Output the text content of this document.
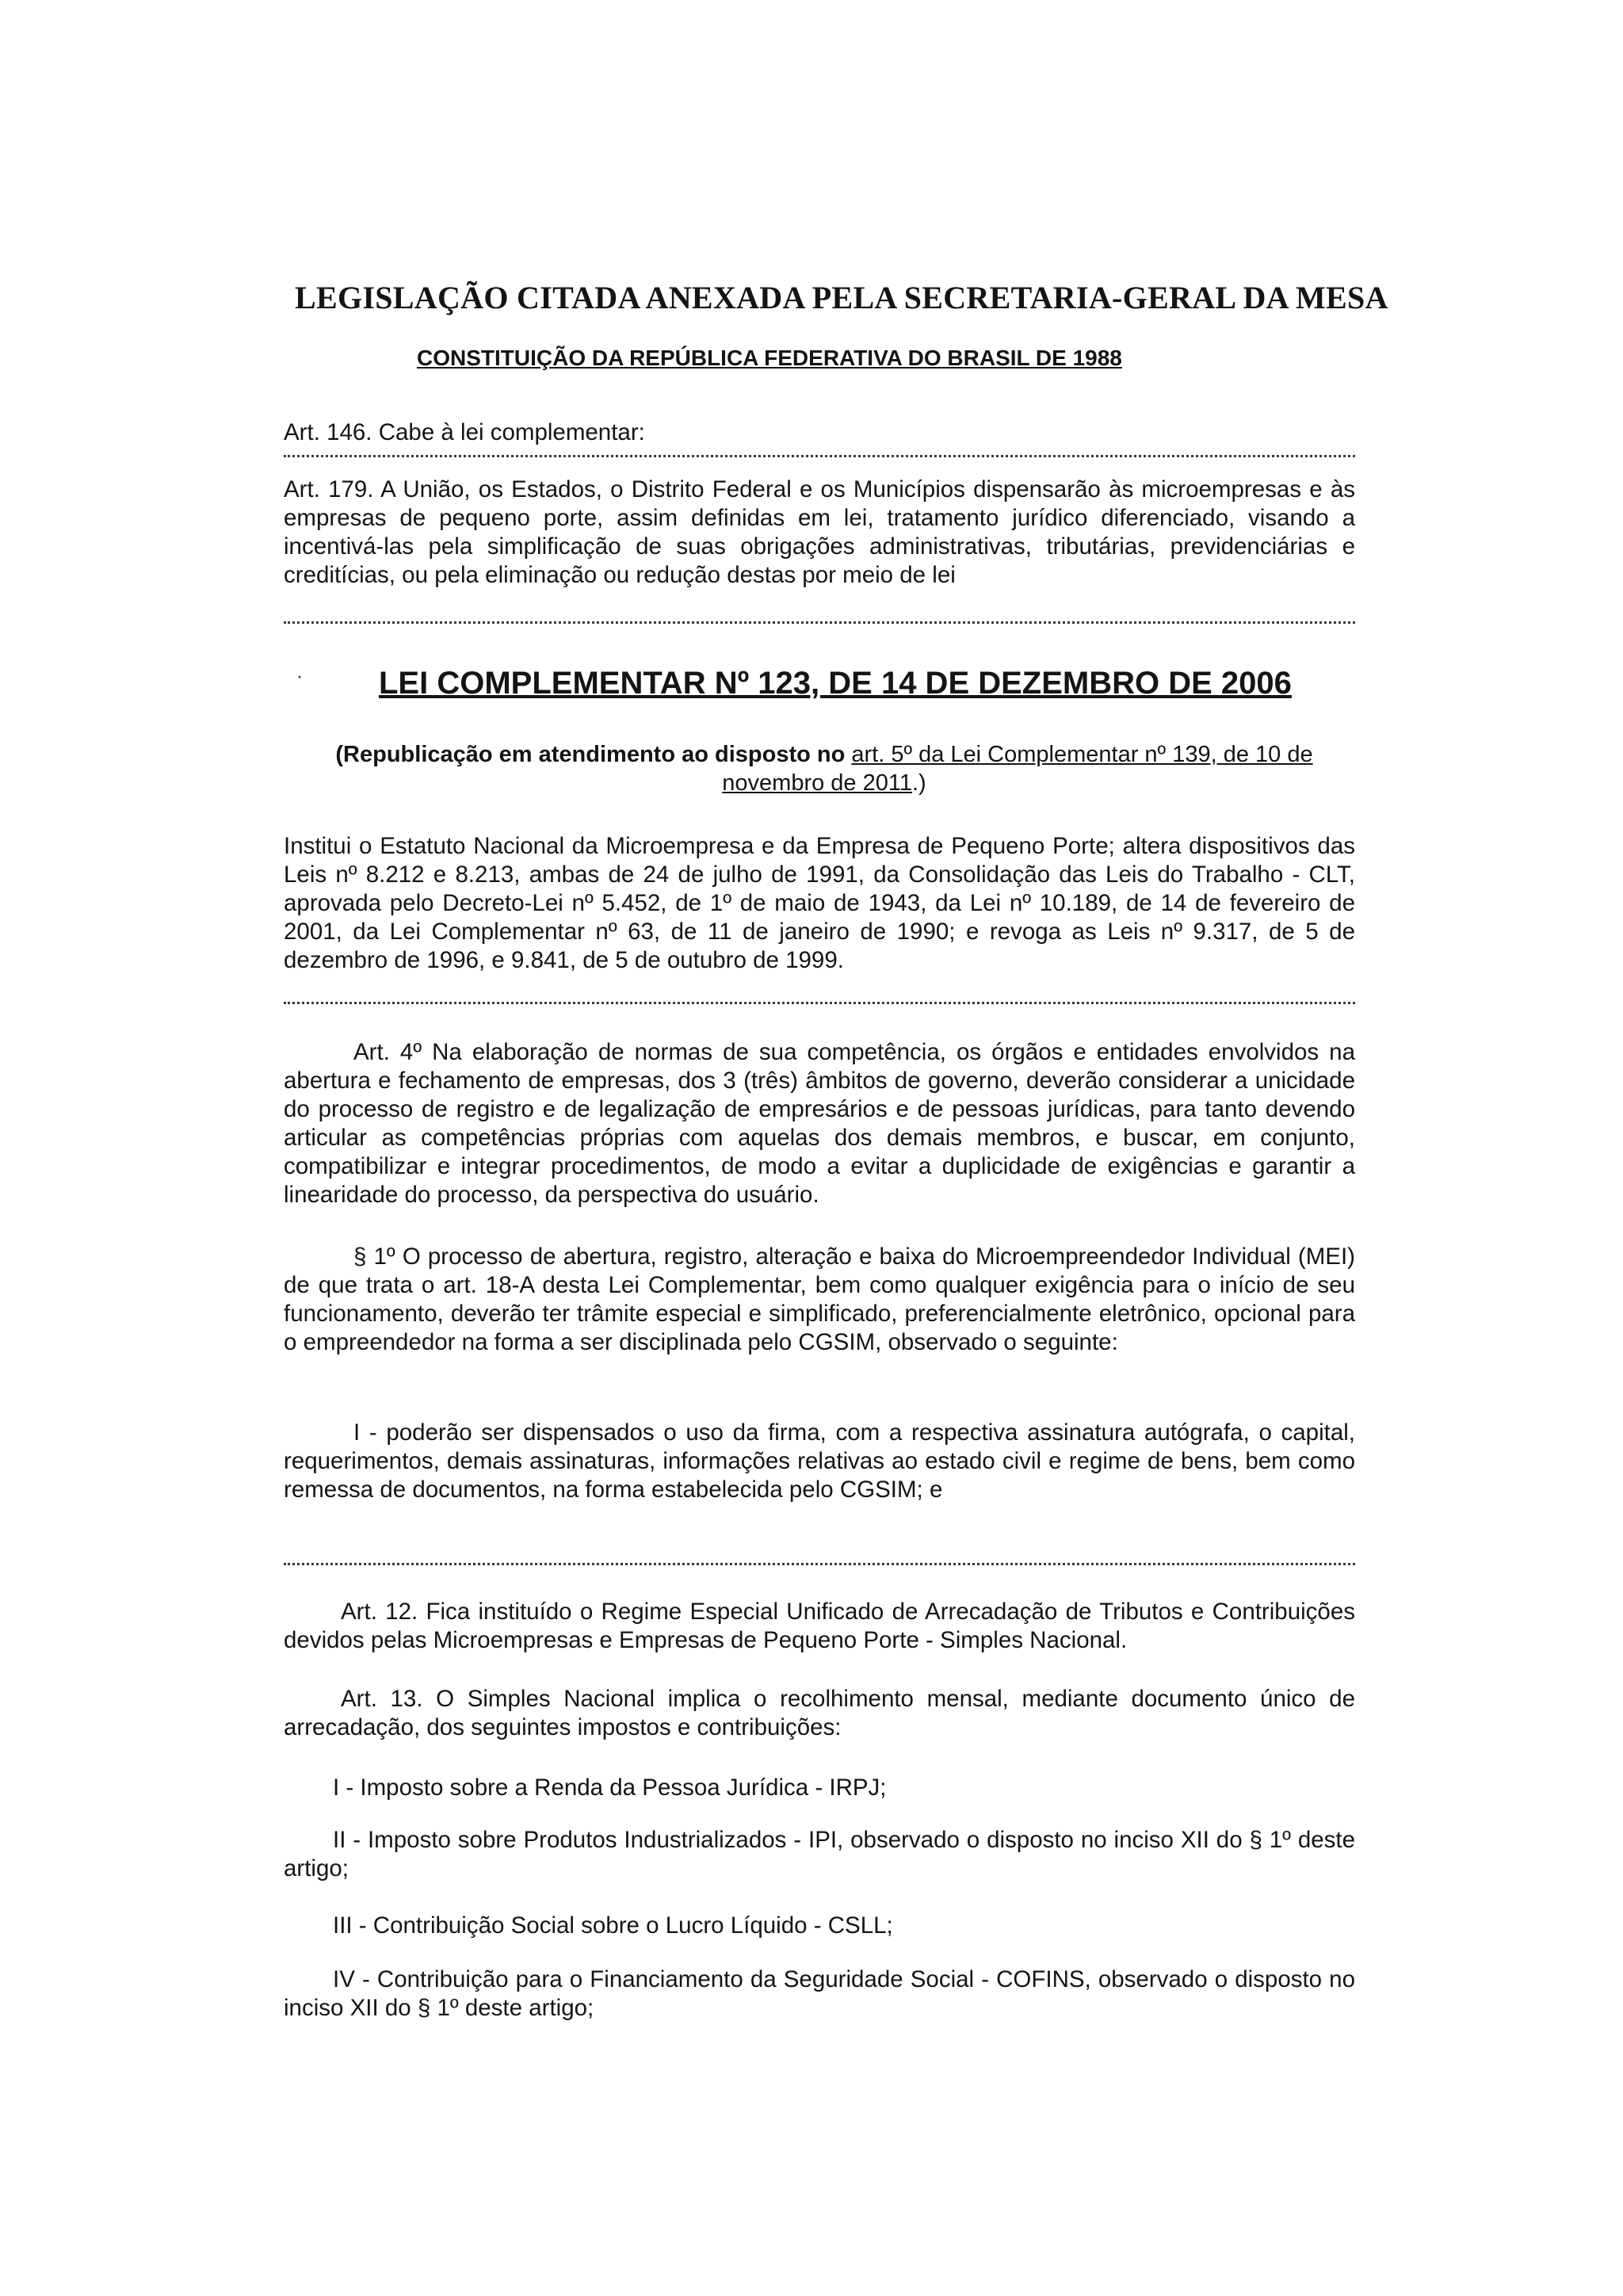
LEGISLAÇÃO CITADA ANEXADA PELA SECRETARIA-GERAL DA MESA
CONSTITUIÇÃO DA REPÚBLICA FEDERATIVA DO BRASIL DE 1988
Art. 146. Cabe à lei complementar:
Art. 179. A União, os Estados, o Distrito Federal e os Municípios dispensarão às microempresas e às empresas de pequeno porte, assim definidas em lei, tratamento jurídico diferenciado, visando a incentivá-las pela simplificação de suas obrigações administrativas, tributárias, previdenciárias e creditícias, ou pela eliminação ou redução destas por meio de lei
· LEI COMPLEMENTAR Nº 123, DE 14 DE DEZEMBRO DE 2006
(Republicação em atendimento ao disposto no art. 5º da Lei Complementar nº 139, de 10 de novembro de 2011.)
Institui o Estatuto Nacional da Microempresa e da Empresa de Pequeno Porte; altera dispositivos das Leis nº 8.212 e 8.213, ambas de 24 de julho de 1991, da Consolidação das Leis do Trabalho - CLT, aprovada pelo Decreto-Lei nº 5.452, de 1º de maio de 1943, da Lei nº 10.189, de 14 de fevereiro de 2001, da Lei Complementar nº 63, de 11 de janeiro de 1990; e revoga as Leis nº 9.317, de 5 de dezembro de 1996, e 9.841, de 5 de outubro de 1999.
Art. 4º Na elaboração de normas de sua competência, os órgãos e entidades envolvidos na abertura e fechamento de empresas, dos 3 (três) âmbitos de governo, deverão considerar a unicidade do processo de registro e de legalização de empresários e de pessoas jurídicas, para tanto devendo articular as competências próprias com aquelas dos demais membros, e buscar, em conjunto, compatibilizar e integrar procedimentos, de modo a evitar a duplicidade de exigências e garantir a linearidade do processo, da perspectiva do usuário.
§ 1º O processo de abertura, registro, alteração e baixa do Microempreendedor Individual (MEI) de que trata o art. 18-A desta Lei Complementar, bem como qualquer exigência para o início de seu funcionamento, deverão ter trâmite especial e simplificado, preferencialmente eletrônico, opcional para o empreendedor na forma a ser disciplinada pelo CGSIM, observado o seguinte:
I - poderão ser dispensados o uso da firma, com a respectiva assinatura autógrafa, o capital, requerimentos, demais assinaturas, informações relativas ao estado civil e regime de bens, bem como remessa de documentos, na forma estabelecida pelo CGSIM; e
Art. 12. Fica instituído o Regime Especial Unificado de Arrecadação de Tributos e Contribuições devidos pelas Microempresas e Empresas de Pequeno Porte - Simples Nacional.
Art. 13. O Simples Nacional implica o recolhimento mensal, mediante documento único de arrecadação, dos seguintes impostos e contribuições:
I - Imposto sobre a Renda da Pessoa Jurídica - IRPJ;
II - Imposto sobre Produtos Industrializados - IPI, observado o disposto no inciso XII do § 1º deste artigo;
III - Contribuição Social sobre o Lucro Líquido - CSLL;
IV - Contribuição para o Financiamento da Seguridade Social - COFINS, observado o disposto no inciso XII do § 1º deste artigo;
